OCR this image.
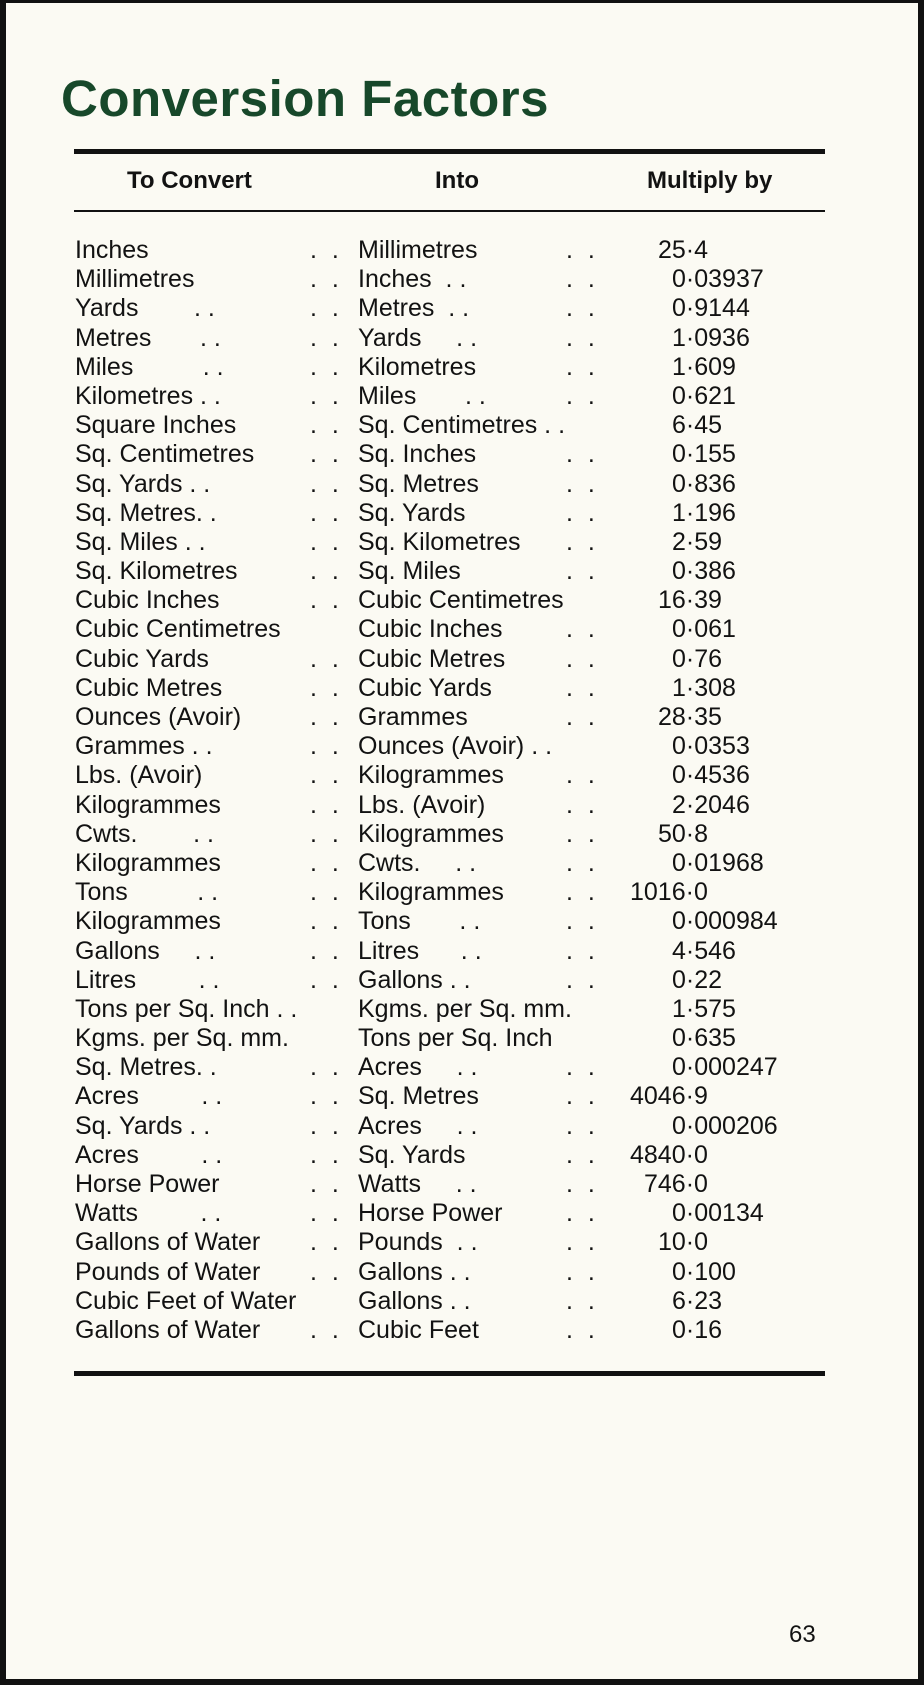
Conversion Factors
To Convert	Into	Multiply by
Inches	. . Millimetres	. .	25·4
Millimetres	. . Inches  . .	. .	0·03937
Yards        . .	. . Metres  . .	. .	0·9144
Metres       . .	. . Yards     . .	. .	1·0936
Miles          . .	. . Kilometres	. .	1·609
Kilometres . .	. . Miles       . .	. .	0·621
Square Inches	. . Sq. Centimetres . .	6·45
Sq. Centimetres . . Sq. Inches	. .	0·155
Sq. Yards . .	. . Sq. Metres	. .	0·836
Sq. Metres. .	. . Sq. Yards	. .	1·196
Sq. Miles . .	. . Sq. Kilometres . .	2·59
Sq. Kilometres	. . Sq. Miles	. .	0·386
Cubic Inches	. . Cubic Centimetres	16·39
Cubic Centimetres	Cubic Inches	. .	0·061
Cubic Yards	. . Cubic Metres . .	0·76
Cubic Metres	. . Cubic Yards	. .	1·308
Ounces (Avoir)	. . Grammes	. .	28·35
Grammes . .	. . Ounces (Avoir) . .	0·0353
Lbs. (Avoir)	. . Kilogrammes . .	0·4536
Kilogrammes	. . Lbs. (Avoir)	. .	2·2046
Cwts.        . .	. . Kilogrammes . .	50·8
Kilogrammes	. . Cwts.     . .	. .	0·01968
Tons          . .	. . Kilogrammes . . 1016·0
Kilogrammes	. . Tons       . .	. .	0·000984
Gallons     . .	. . Litres      . .	. .	4·546
Litres         . .	. . Gallons . .	. .	0·22
Tons per Sq. Inch . . Kgms. per Sq. mm.	1·575
Kgms. per Sq. mm.	Tons per Sq. Inch	0·635
Sq. Metres. .	. . Acres     . .	. .	0·000247
Acres         . .	. . Sq. Metres	. . 4046·9
Sq. Yards . .	. . Acres     . .	. .	0·000206
Acres         . .	. . Sq. Yards	. . 4840·0
Horse Power	. . Watts     . .	. .	746·0
Watts         . .	. . Horse Power	. .	0·00134
Gallons of Water . . Pounds  . .	. .	10·0
Pounds of Water . . Gallons . .	. .	0·100
Cubic Feet of Water Gallons . .	. .	6·23
Gallons of Water . . Cubic Feet	. .	0·16
63
